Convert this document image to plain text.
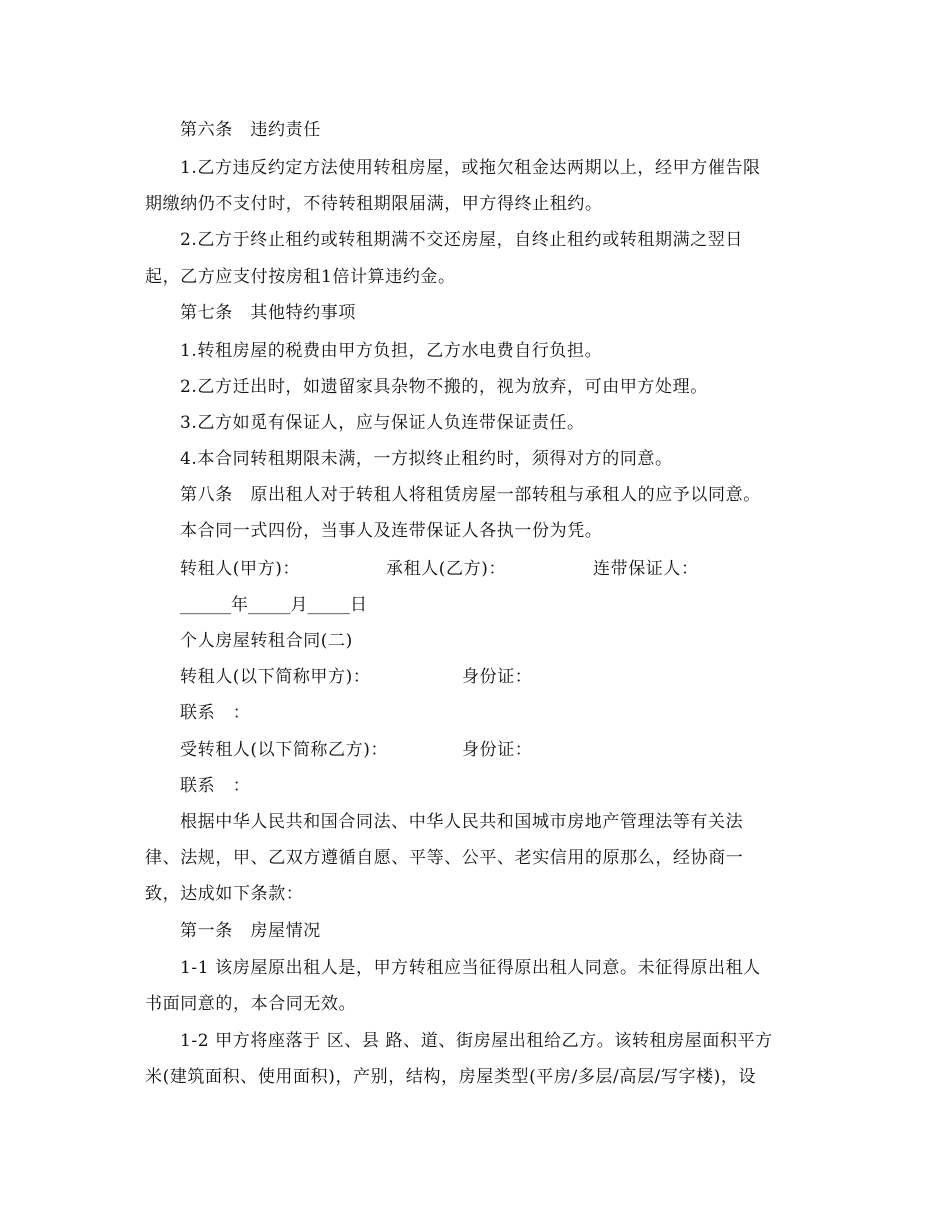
第六条　违约责任
1.乙方违反约定方法使用转租房屋，或拖欠租金达两期以上，经甲方催告限
期缴纳仍不支付时，不待转租期限届满，甲方得终止租约。
2.乙方于终止租约或转租期满不交还房屋，自终止租约或转租期满之翌日
起，乙方应支付按房租1倍计算违约金。
第七条　其他特约事项
1.转租房屋的税费由甲方负担，乙方水电费自行负担。
2.乙方迁出时，如遗留家具杂物不搬的，视为放弃，可由甲方处理。
3.乙方如觅有保证人，应与保证人负连带保证责任。
4.本合同转租期限未满，一方拟终止租约时，须得对方的同意。
第八条　原出租人对于转租人将租赁房屋一部转租与承租人的应予以同意。
本合同一式四份，当事人及连带保证人各执一份为凭。
转租人(甲方)：	承租人(乙方)：	连带保证人：
______年_____月_____日
个人房屋转租合同(二)
转租人(以下简称甲方)：	身份证：
联系　：
受转租人(以下简称乙方)：	身份证：
联系　：
根据中华人民共和国合同法、中华人民共和国城市房地产管理法等有关法
律、法规，甲、乙双方遵循自愿、平等、公平、老实信用的原那么，经协商一
致，达成如下条款：
第一条　房屋情况
1-1 该房屋原出租人是，甲方转租应当征得原出租人同意。未征得原出租人
书面同意的，本合同无效。
1-2 甲方将座落于 区、县 路、道、街房屋出租给乙方。该转租房屋面积平方
米(建筑面积、使用面积)，产别，结构，房屋类型(平房/多层/高层/写字楼)，设
